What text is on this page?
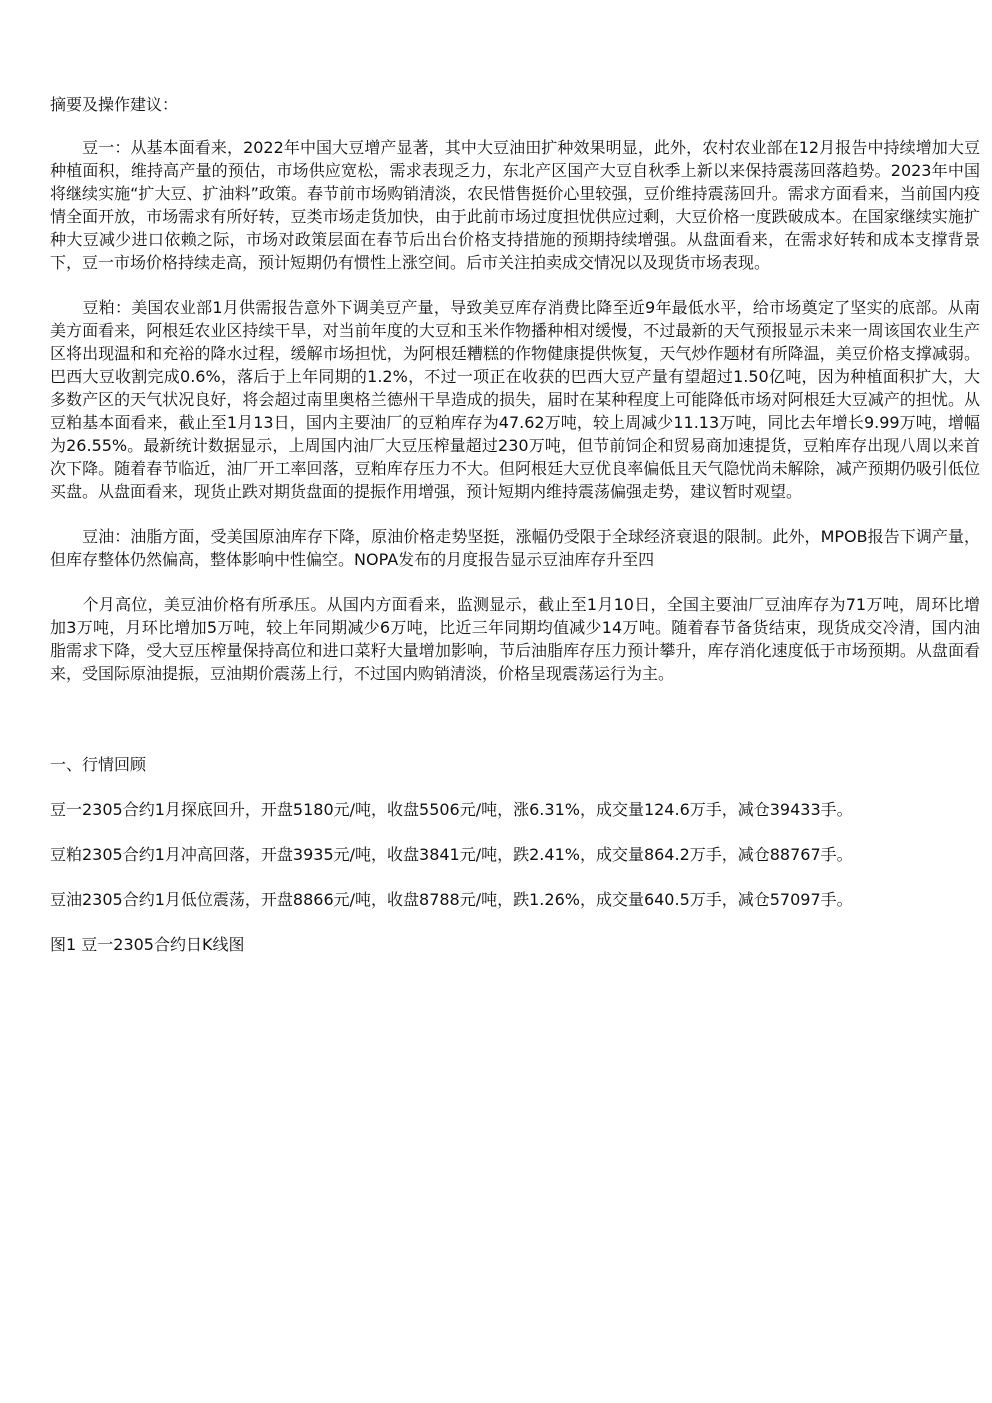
摘要及操作建议：

　　豆一：从基本面看来，2022年中国大豆增产显著，其中大豆油田扩种效果明显，此外，农村农业部在12月报告中持续增加大豆种植面积，维持高产量的预估，市场供应宽松，需求表现乏力，东北产区国产大豆自秋季上新以来保持震荡回落趋势。2023年中国将继续实施“扩大豆、扩油料”政策。春节前市场购销清淡，农民惜售挺价心里较强，豆价维持震荡回升。需求方面看来，当前国内疫情全面开放，市场需求有所好转，豆类市场走货加快，由于此前市场过度担忧供应过剩，大豆价格一度跌破成本。在国家继续实施扩种大豆减少进口依赖之际，市场对政策层面在春节后出台价格支持措施的预期持续增强。从盘面看来，在需求好转和成本支撑背景下，豆一市场价格持续走高，预计短期仍有惯性上涨空间。后市关注拍卖成交情况以及现货市场表现。

　　豆粕：美国农业部1月供需报告意外下调美豆产量，导致美豆库存消费比降至近9年最低水平，给市场奠定了坚实的底部。从南美方面看来，阿根廷农业区持续干旱，对当前年度的大豆和玉米作物播种相对缓慢，不过最新的天气预报显示未来一周该国农业生产区将出现温和和充裕的降水过程，缓解市场担忧，为阿根廷糟糕的作物健康提供恢复，天气炒作题材有所降温，美豆价格支撑减弱。巴西大豆收割完成0.6%，落后于上年同期的1.2%，不过一项正在收获的巴西大豆产量有望超过1.50亿吨，因为种植面积扩大，大多数产区的天气状况良好，将会超过南里奥格兰德州干旱造成的损失，届时在某种程度上可能降低市场对阿根廷大豆减产的担忧。从豆粕基本面看来，截止至1月13日，国内主要油厂的豆粕库存为47.62万吨，较上周减少11.13万吨，同比去年增长9.99万吨，增幅为26.55%。最新统计数据显示，上周国内油厂大豆压榨量超过230万吨，但节前饲企和贸易商加速提货，豆粕库存出现八周以来首次下降。随着春节临近，油厂开工率回落，豆粕库存压力不大。但阿根廷大豆优良率偏低且天气隐忧尚未解除，减产预期仍吸引低位买盘。从盘面看来，现货止跌对期货盘面的提振作用增强，预计短期内维持震荡偏强走势，建议暂时观望。

　　豆油：油脂方面，受美国原油库存下降，原油价格走势坚挺，涨幅仍受限于全球经济衰退的限制。此外，MPOB报告下调产量，但库存整体仍然偏高，整体影响中性偏空。NOPA发布的月度报告显示豆油库存升至四

　　个月高位，美豆油价格有所承压。从国内方面看来，监测显示，截止至1月10日，全国主要油厂豆油库存为71万吨，周环比增加3万吨，月环比增加5万吨，较上年同期减少6万吨，比近三年同期均值减少14万吨。随着春节备货结束，现货成交冷清，国内油脂需求下降，受大豆压榨量保持高位和进口菜籽大量增加影响，节后油脂库存压力预计攀升，库存消化速度低于市场预期。从盘面看来，受国际原油提振，豆油期价震荡上行，不过国内购销清淡，价格呈现震荡运行为主。

一、行情回顾

豆一2305合约1月探底回升，开盘5180元/吨，收盘5506元/吨，涨6.31%，成交量124.6万手，减仓39433手。

豆粕2305合约1月冲高回落，开盘3935元/吨，收盘3841元/吨，跌2.41%，成交量864.2万手，减仓88767手。

豆油2305合约1月低位震荡，开盘8866元/吨，收盘8788元/吨，跌1.26%，成交量640.5万手，减仓57097手。

图1 豆一2305合约日K线图
